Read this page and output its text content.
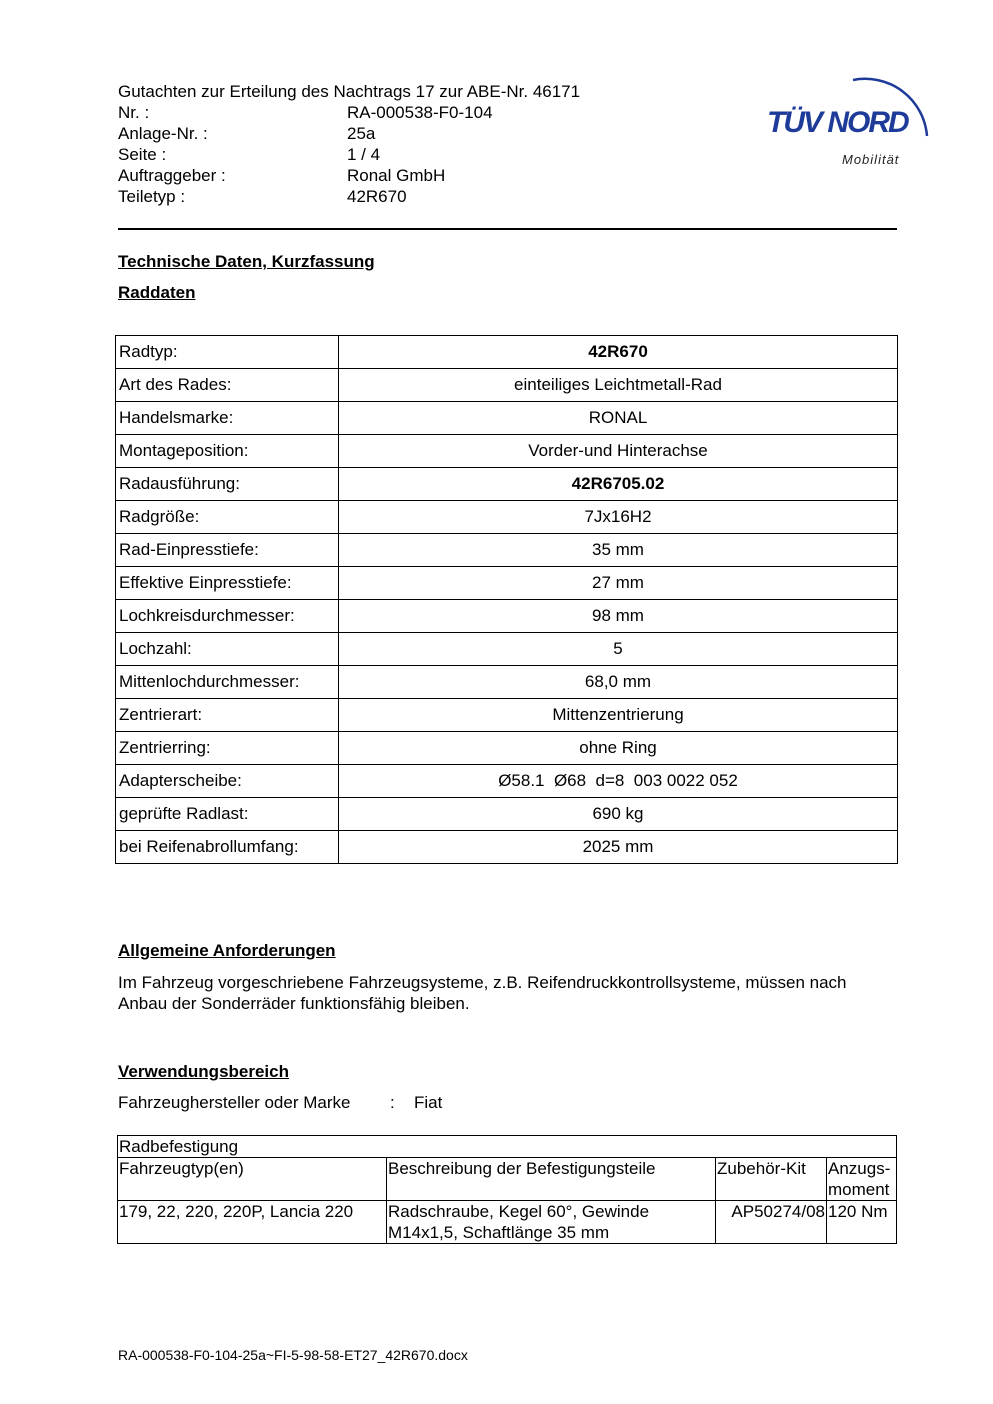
Gutachten zur Erteilung des Nachtrags 17 zur ABE-Nr. 46171
Nr. :	RA-000538-F0-104
Anlage-Nr. :	25a
Seite :	1 / 4
Auftraggeber :	Ronal GmbH
Teiletyp :	42R670
TÜV NORD
Mobilität
Technische Daten, Kurzfassung
Raddaten
Radtyp:	42R670
Art des Rades:	einteiliges Leichtmetall-Rad
Handelsmarke:	RONAL
Montageposition:	Vorder-und Hinterachse
Radausführung:	42R6705.02
Radgröße:	7Jx16H2
Rad-Einpresstiefe:	35 mm
Effektive Einpresstiefe:	27 mm
Lochkreisdurchmesser:	98 mm
Lochzahl:	5
Mittenlochdurchmesser:	68,0 mm
Zentrierart:	Mittenzentrierung
Zentrierring:	ohne Ring
Adapterscheibe:	Ø58.1  Ø68  d=8  003 0022 052
geprüfte Radlast:	690 kg
bei Reifenabrollumfang:	2025 mm
Allgemeine Anforderungen
Im Fahrzeug vorgeschriebene Fahrzeugsysteme, z.B. Reifendruckkontrollsysteme, müssen nach Anbau der Sonderräder funktionsfähig bleiben.
Verwendungsbereich
Fahrzeughersteller oder Marke : Fiat
Radbefestigung			
Fahrzeugtyp(en)	Beschreibung der Befestigungsteile	Zubehör-Kit	Anzugs-moment
179, 22, 220, 220P, Lancia 220	Radschraube, Kegel 60°, Gewinde M14x1,5, Schaftlänge 35 mm	AP50274/08	120 Nm
RA-000538-F0-104-25a~FI-5-98-58-ET27_42R670.docx
